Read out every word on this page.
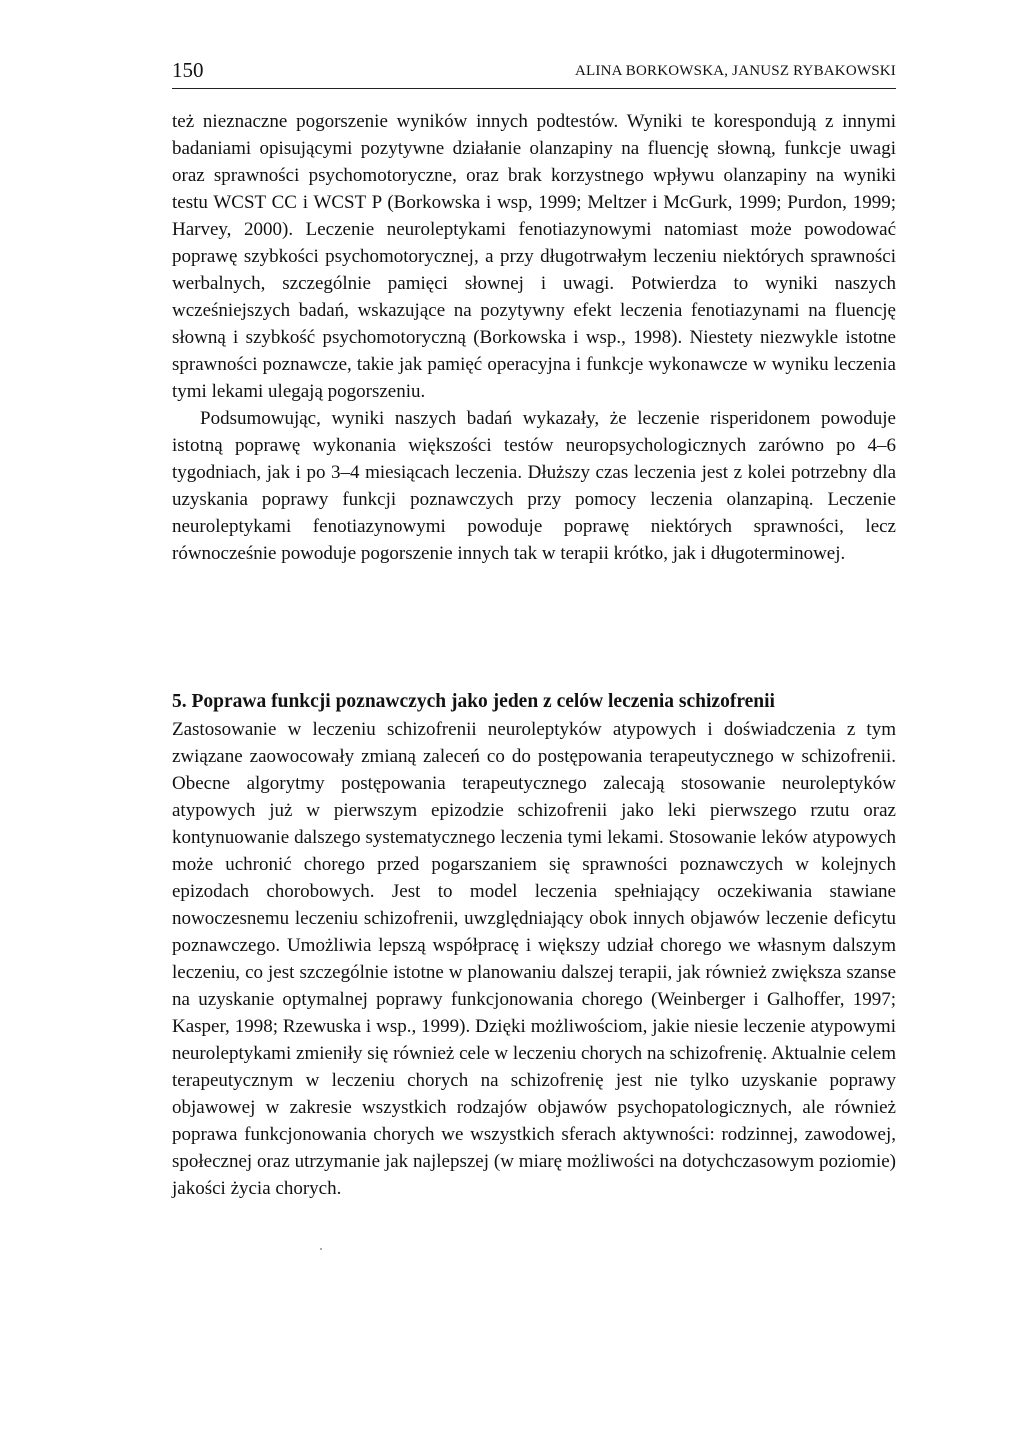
150	ALINA BORKOWSKA, JANUSZ RYBAKOWSKI

też nieznaczne pogorszenie wyników innych podtestów. Wyniki te korespondują z innymi badaniami opisującymi pozytywne działanie olanzapiny na fluencję słowną, funkcje uwagi oraz sprawności psychomotoryczne, oraz brak korzystnego wpływu olanzapiny na wyniki testu WCST CC i WCST P (Borkowska i wsp, 1999; Meltzer i McGurk, 1999; Purdon, 1999; Harvey, 2000). Leczenie neuroleptykami fenotiazynowymi natomiast może powodować poprawę szybkości psychomotorycznej, a przy długotrwałym leczeniu niektórych sprawności werbalnych, szczególnie pamięci słownej i uwagi. Potwierdza to wyniki naszych wcześniejszych badań, wskazujące na pozytywny efekt leczenia fenotiazynami na fluencję słowną i szybkość psychomotoryczną (Borkowska i wsp., 1998). Niestety niezwykle istotne sprawności poznawcze, takie jak pamięć operacyjna i funkcje wykonawcze w wyniku leczenia tymi lekami ulegają pogorszeniu.

Podsumowując, wyniki naszych badań wykazały, że leczenie risperidonem powoduje istotną poprawę wykonania większości testów neuropsychologicznych zarówno po 4–6 tygodniach, jak i po 3–4 miesiącach leczenia. Dłuższy czas leczenia jest z kolei potrzebny dla uzyskania poprawy funkcji poznawczych przy pomocy leczenia olanzapiną. Leczenie neuroleptykami fenotiazynowymi powoduje poprawę niektórych sprawności, lecz równocześnie powoduje pogorszenie innych tak w terapii krótko, jak i długoterminowej.

5. Poprawa funkcji poznawczych jako jeden z celów leczenia schizofrenii

Zastosowanie w leczeniu schizofrenii neuroleptyków atypowych i doświadczenia z tym związane zaowocowały zmianą zaleceń co do postępowania terapeutycznego w schizofrenii. Obecne algorytmy postępowania terapeutycznego zalecają stosowanie neuroleptyków atypowych już w pierwszym epizodzie schizofrenii jako leki pierwszego rzutu oraz kontynuowanie dalszego systematycznego leczenia tymi lekami. Stosowanie leków atypowych może uchronić chorego przed pogarszaniem się sprawności poznawczych w kolejnych epizodach chorobowych. Jest to model leczenia spełniający oczekiwania stawiane nowoczesnemu leczeniu schizofrenii, uwzględniający obok innych objawów leczenie deficytu poznawczego. Umożliwia lepszą współpracę i większy udział chorego we własnym dalszym leczeniu, co jest szczególnie istotne w planowaniu dalszej terapii, jak również zwiększa szanse na uzyskanie optymalnej poprawy funkcjonowania chorego (Weinberger i Galhoffer, 1997; Kasper, 1998; Rzewuska i wsp., 1999). Dzięki możliwościom, jakie niesie leczenie atypowymi neuroleptykami zmieniły się również cele w leczeniu chorych na schizofrenię. Aktualnie celem terapeutycznym w leczeniu chorych na schizofrenię jest nie tylko uzyskanie poprawy objawowej w zakresie wszystkich rodzajów objawów psychopatologicznych, ale również poprawa funkcjonowania chorych we wszystkich sferach aktywności: rodzinnej, zawodowej, społecznej oraz utrzymanie jak najlepszej (w miarę możliwości na dotychczasowym poziomie) jakości życia chorych.
